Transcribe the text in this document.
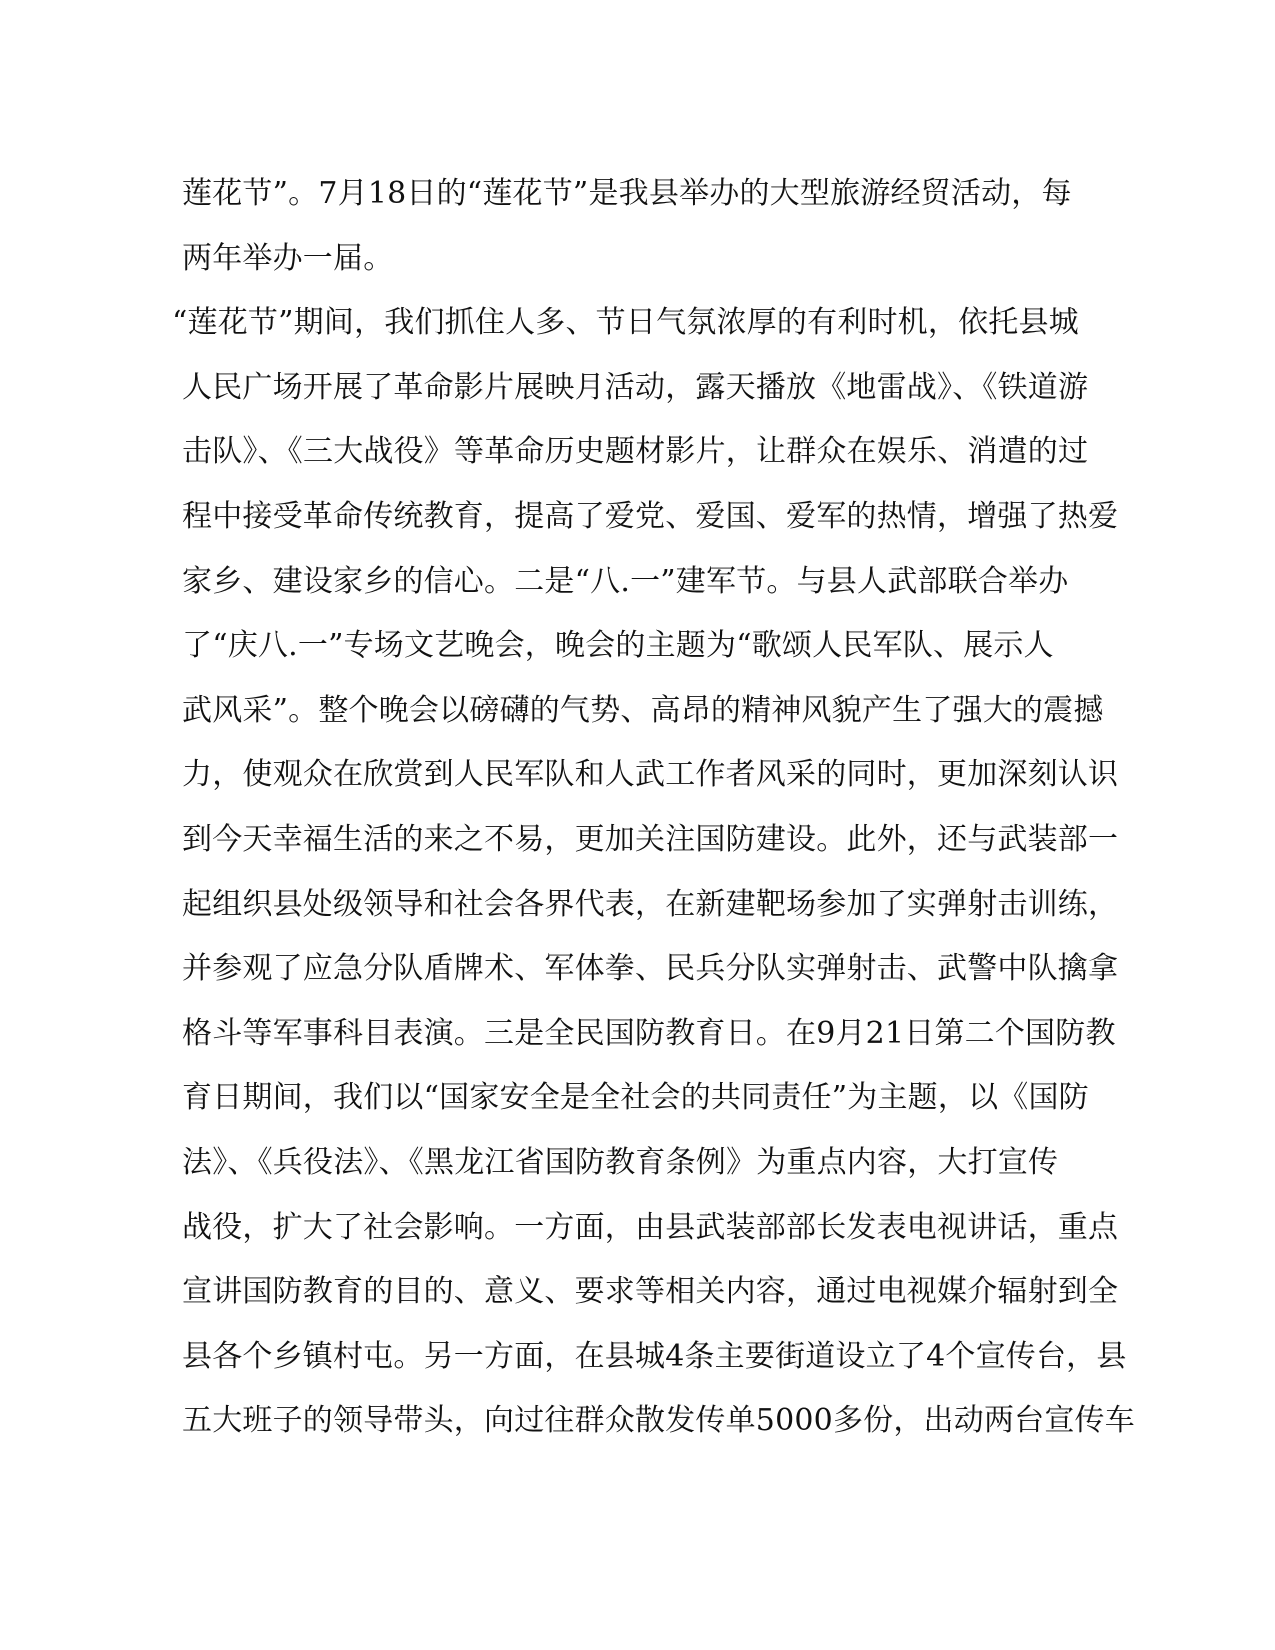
莲花节”。7月18日的“莲花节”是我县举办的大型旅游经贸活动，每
两年举办一届。
“莲花节”期间，我们抓住人多、节日气氛浓厚的有利时机，依托县城
人民广场开展了革命影片展映月活动，露天播放《地雷战》、《铁道游
击队》、《三大战役》等革命历史题材影片，让群众在娱乐、消遣的过
程中接受革命传统教育，提高了爱党、爱国、爱军的热情，增强了热爱
家乡、建设家乡的信心。二是“八.一”建军节。与县人武部联合举办
了“庆八.一”专场文艺晚会，晚会的主题为“歌颂人民军队、展示人
武风采”。整个晚会以磅礴的气势、高昂的精神风貌产生了强大的震撼
力，使观众在欣赏到人民军队和人武工作者风采的同时，更加深刻认识
到今天幸福生活的来之不易，更加关注国防建设。此外，还与武装部一
起组织县处级领导和社会各界代表，在新建靶场参加了实弹射击训练，
并参观了应急分队盾牌术、军体拳、民兵分队实弹射击、武警中队擒拿
格斗等军事科目表演。三是全民国防教育日。在9月21日第二个国防教
育日期间，我们以“国家安全是全社会的共同责任”为主题，以《国防
法》、《兵役法》、《黑龙江省国防教育条例》为重点内容，大打宣传
战役，扩大了社会影响。一方面，由县武装部部长发表电视讲话，重点
宣讲国防教育的目的、意义、要求等相关内容，通过电视媒介辐射到全
县各个乡镇村屯。另一方面，在县城4条主要街道设立了4个宣传台，县
五大班子的领导带头，向过往群众散发传单5000多份，出动两台宣传车
